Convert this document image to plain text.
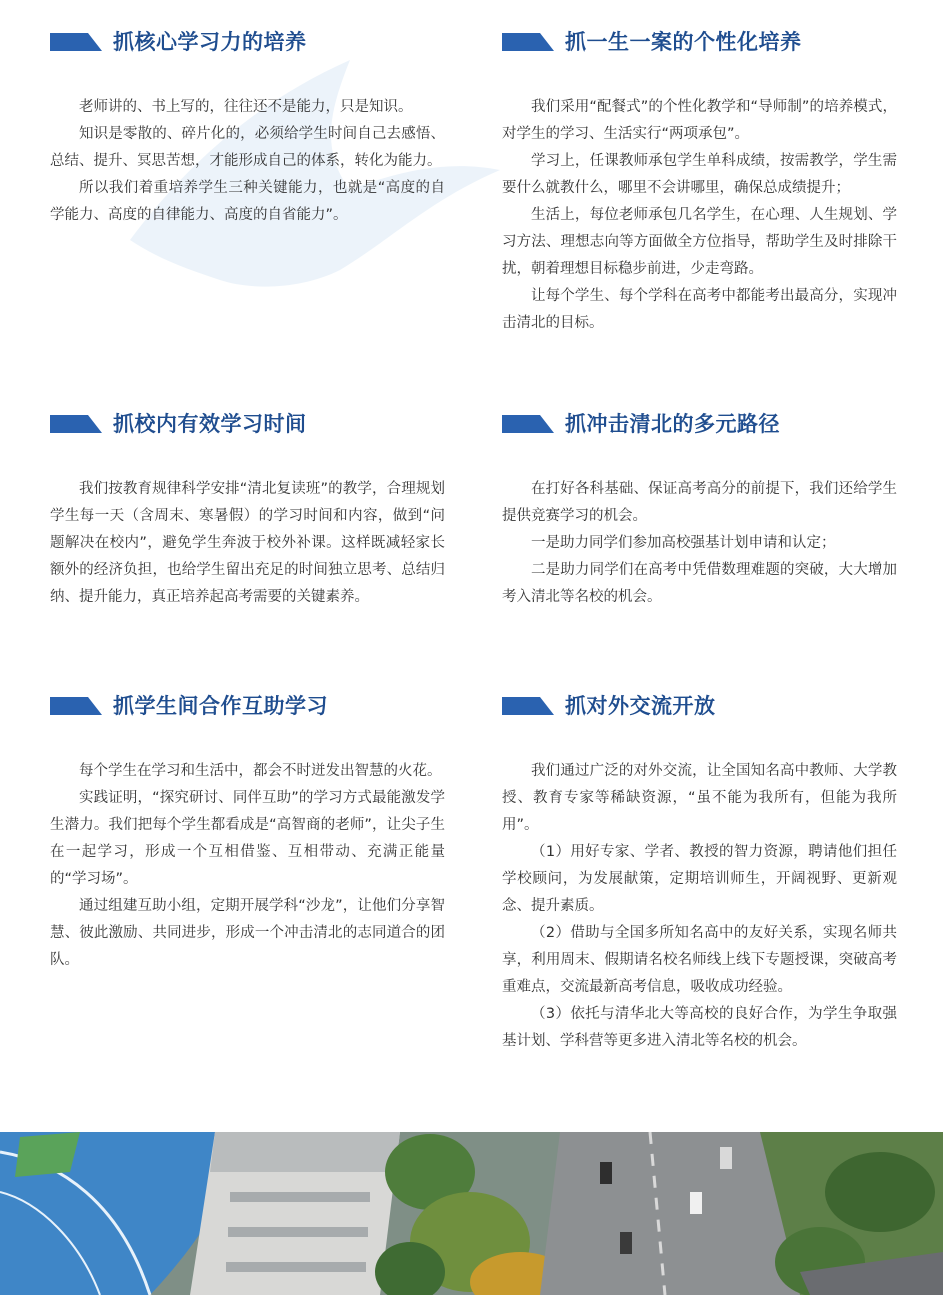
抓核心学习力的培养

老师讲的、书上写的，往往还不是能力，只是知识。

知识是零散的、碎片化的，必须给学生时间自己去感悟、总结、提升、冥思苦想，才能形成自己的体系，转化为能力。

所以我们着重培养学生三种关键能力，也就是“高度的自学能力、高度的自律能力、高度的自省能力”。

抓一生一案的个性化培养

我们采用“配餐式”的个性化教学和“导师制”的培养模式，对学生的学习、生活实行“两项承包”。

学习上，任课教师承包学生单科成绩，按需教学，学生需要什么就教什么，哪里不会讲哪里，确保总成绩提升；

生活上，每位老师承包几名学生，在心理、人生规划、学习方法、理想志向等方面做全方位指导，帮助学生及时排除干扰，朝着理想目标稳步前进，少走弯路。

让每个学生、每个学科在高考中都能考出最高分，实现冲击清北的目标。

抓校内有效学习时间

我们按教育规律科学安排“清北复读班”的教学，合理规划学生每一天（含周末、寒暑假）的学习时间和内容，做到“问题解决在校内”，避免学生奔波于校外补课。这样既减轻家长额外的经济负担，也给学生留出充足的时间独立思考、总结归纳、提升能力，真正培养起高考需要的关键素养。

抓冲击清北的多元路径

在打好各科基础、保证高考高分的前提下，我们还给学生提供竞赛学习的机会。

一是助力同学们参加高校强基计划申请和认定；

二是助力同学们在高考中凭借数理难题的突破，大大增加考入清北等名校的机会。

抓学生间合作互助学习

每个学生在学习和生活中，都会不时迸发出智慧的火花。

实践证明，“探究研讨、同伴互助”的学习方式最能激发学生潜力。我们把每个学生都看成是“高智商的老师”，让尖子生在一起学习，形成一个互相借鉴、互相带动、充满正能量的“学习场”。

通过组建互助小组，定期开展学科“沙龙”，让他们分享智慧、彼此激励、共同进步，形成一个冲击清北的志同道合的团队。

抓对外交流开放

我们通过广泛的对外交流，让全国知名高中教师、大学教授、教育专家等稀缺资源，“虽不能为我所有，但能为我所用”。

（1）用好专家、学者、教授的智力资源，聘请他们担任学校顾问，为发展献策，定期培训师生，开阔视野、更新观念、提升素质。

（2）借助与全国多所知名高中的友好关系，实现名师共享，利用周末、假期请名校名师线上线下专题授课，突破高考重难点，交流最新高考信息，吸收成功经验。

（3）依托与清华北大等高校的良好合作，为学生争取强基计划、学科营等更多进入清北等名校的机会。
